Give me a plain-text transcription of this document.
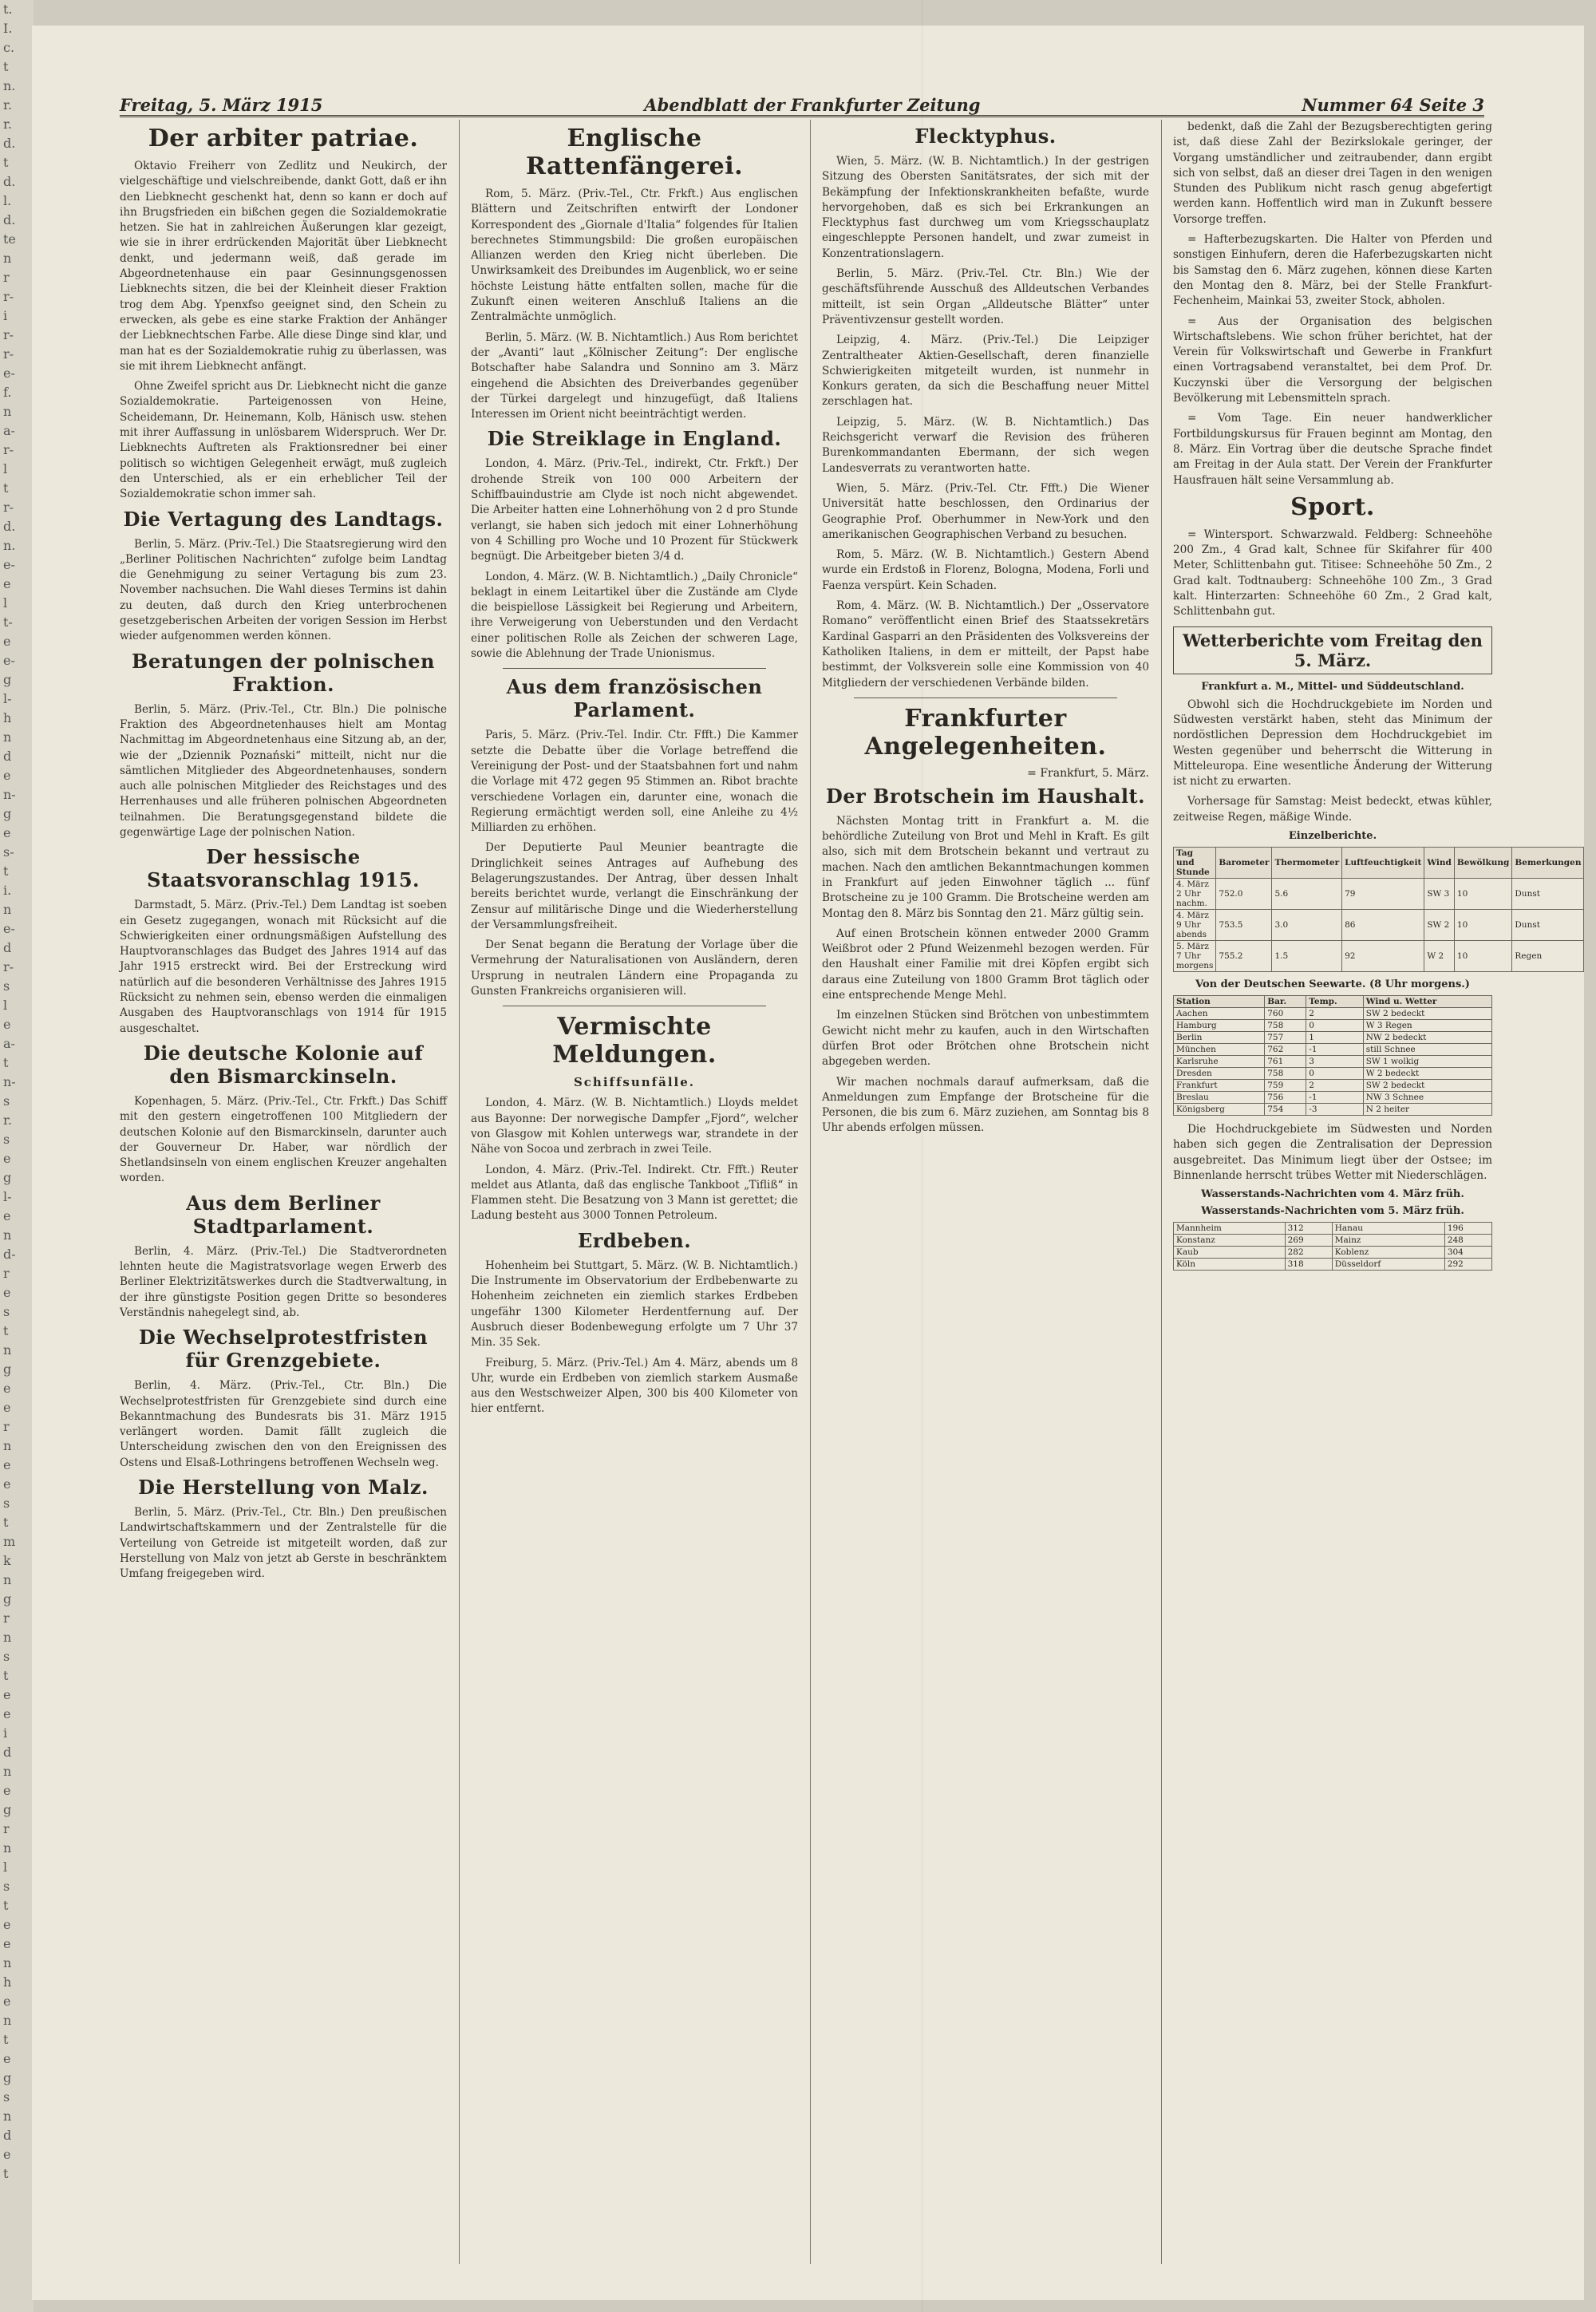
t.
I.
c.
t
n.
r.
r.
d.
t
d.
l.
d.
te
n
r
r-
i
r-
r-
e-
f.
n
a-
r-
l
t
r-
d.
n.
e-
e
l
t-
e
e-
g
l-
h
n
d
e
n-
g
e
s-
t
i.
n
e-
d
r-
s
l
e
a-
t
n-
s
r.
s
e
g
l-
e
n
d-
r
e
s
t
n
g
e
e
r
n
e
e
s
t
m
k
n
g
r
n
s
t
e
e
i
d
n
e
g
r
n
l
s
t
e
e
n
h
e
n
t
e
g
s
n
d
e
t
Freitag, 5. März 1915	Abendblatt der Frankfurter Zeitung	Nummer 64 Seite 3
Der arbiter patriae.

Oktavio Freiherr von Zedlitz und Neukirch, der vielgeschäftige und vielschreibende, dankt Gott, daß er ihn den Liebknecht geschenkt hat, denn so kann er doch auf ihn Brugsfrieden ein bißchen gegen die Sozialdemokratie hetzen. Sie hat in zahlreichen Äußerungen klar gezeigt, wie sie in ihrer erdrückenden Majorität über Liebknecht denkt, und jedermann weiß, daß gerade im Abgeordnetenhause ein paar Gesinnungsgenossen Liebknechts sitzen, die bei der Kleinheit dieser Fraktion trog dem Abg. Ypenxfso geeignet sind, den Schein zu erwecken, als gebe es eine starke Fraktion der Anhänger der Liebknechtschen Farbe. Alle diese Dinge sind klar, und man hat es der Sozialdemokratie ruhig zu überlassen, was sie mit ihrem Liebknecht anfängt.

Ohne Zweifel spricht aus Dr. Liebknecht nicht die ganze Sozialdemokratie. Parteigenossen von Heine, Scheidemann, Dr. Heinemann, Kolb, Hänisch usw. stehen mit ihrer Auffassung in unlösbarem Widerspruch. Wer Dr. Liebknechts Auftreten als Fraktionsredner bei einer politisch so wichtigen Gelegenheit erwägt, muß zugleich den Unterschied, als er ein erheblicher Teil der Sozialdemokratie schon immer sah.

Die Vertagung des Landtags.

Berlin, 5. März. (Priv.-Tel.) Die Staatsregierung wird den „Berliner Politischen Nachrichten“ zufolge beim Landtag die Genehmigung zu seiner Vertagung bis zum 23. November nachsuchen. Die Wahl dieses Termins ist dahin zu deuten, daß durch den Krieg unterbrochenen gesetzgeberischen Arbeiten der vorigen Session im Herbst wieder aufgenommen werden können.

Beratungen der polnischen Fraktion.

Berlin, 5. März. (Priv.-Tel., Ctr. Bln.) Die polnische Fraktion des Abgeordnetenhauses hielt am Montag Nachmittag im Abgeordnetenhaus eine Sitzung ab, an der, wie der „Dziennik Poznański“ mitteilt, nicht nur die sämtlichen Mitglieder des Abgeordnetenhauses, sondern auch alle polnischen Mitglieder des Reichstages und des Herrenhauses und alle früheren polnischen Abgeordneten teilnahmen. Die Beratungsgegenstand bildete die gegenwärtige Lage der polnischen Nation.

Der hessische Staatsvoranschlag 1915.

Darmstadt, 5. März. (Priv.-Tel.) Dem Landtag ist soeben ein Gesetz zugegangen, wonach mit Rücksicht auf die Schwierigkeiten einer ordnungsmäßigen Aufstellung des Hauptvoranschlages das Budget des Jahres 1914 auf das Jahr 1915 erstreckt wird. Bei der Erstreckung wird natürlich auf die besonderen Verhältnisse des Jahres 1915 Rücksicht zu nehmen sein, ebenso werden die einmaligen Ausgaben des Hauptvoranschlags von 1914 für 1915 ausgeschaltet.

Die deutsche Kolonie auf den Bismarckinseln.

Kopenhagen, 5. März. (Priv.-Tel., Ctr. Frkft.) Das Schiff mit den gestern eingetroffenen 100 Mitgliedern der deutschen Kolonie auf den Bismarckinseln, darunter auch der Gouverneur Dr. Haber, war nördlich der Shetlandsinseln von einem englischen Kreuzer angehalten worden.

Aus dem Berliner Stadtparlament.

Berlin, 4. März. (Priv.-Tel.) Die Stadtverordneten lehnten heute die Magistratsvorlage wegen Erwerb des Berliner Elektrizitätswerkes durch die Stadtverwaltung, in der ihre günstigste Position gegen Dritte so besonderes Verständnis nahegelegt sind, ab.

Die Wechselprotestfristen für Grenzgebiete.

Berlin, 4. März. (Priv.-Tel., Ctr. Bln.) Die Wechselprotestfristen für Grenzgebiete sind durch eine Bekanntmachung des Bundesrats bis 31. März 1915 verlängert worden. Damit fällt zugleich die Unterscheidung zwischen den von den Ereignissen des Ostens und Elsaß-Lothringens betroffenen Wechseln weg.

Die Herstellung von Malz.

Berlin, 5. März. (Priv.-Tel., Ctr. Bln.) Den preußischen Landwirtschaftskammern und der Zentralstelle für die Verteilung von Getreide ist mitgeteilt worden, daß zur Herstellung von Malz von jetzt ab Gerste in beschränktem Umfang freigegeben wird.

Englische Rattenfängerei.

Rom, 5. März. (Priv.-Tel., Ctr. Frkft.) Aus englischen Blättern und Zeitschriften entwirft der Londoner Korrespondent des „Giornale d'Italia“ folgendes für Italien berechnetes Stimmungsbild: Die großen europäischen Allianzen werden den Krieg nicht überleben. Die Unwirksamkeit des Dreibundes im Augenblick, wo er seine höchste Leistung hätte entfalten sollen, mache für die Zukunft einen weiteren Anschluß Italiens an die Zentralmächte unmöglich.

Berlin, 5. März. (W. B. Nichtamtlich.) Aus Rom berichtet der „Avanti“ laut „Kölnischer Zeitung“: Der englische Botschafter habe Salandra und Sonnino am 3. März eingehend die Absichten des Dreiverbandes gegenüber der Türkei dargelegt und hinzugefügt, daß Italiens Interessen im Orient nicht beeinträchtigt werden.

Die Streiklage in England.

London, 4. März. (Priv.-Tel., indirekt, Ctr. Frkft.) Der drohende Streik von 100 000 Arbeitern der Schiffbauindustrie am Clyde ist noch nicht abgewendet. Die Arbeiter hatten eine Lohnerhöhung von 2 d pro Stunde verlangt, sie haben sich jedoch mit einer Lohnerhöhung von 4 Schilling pro Woche und 10 Prozent für Stückwerk begnügt. Die Arbeitgeber bieten 3/4 d.

London, 4. März. (W. B. Nichtamtlich.) „Daily Chronicle“ beklagt in einem Leitartikel über die Zustände am Clyde die beispiellose Lässigkeit bei Regierung und Arbeitern, ihre Verweigerung von Ueberstunden und den Verdacht einer politischen Rolle als Zeichen der schweren Lage, sowie die Ablehnung der Trade Unionismus.

Aus dem französischen Parlament.

Paris, 5. März. (Priv.-Tel. Indir. Ctr. Ffft.) Die Kammer setzte die Debatte über die Vorlage betreffend die Vereinigung der Post- und der Staatsbahnen fort und nahm die Vorlage mit 472 gegen 95 Stimmen an. Ribot brachte verschiedene Vorlagen ein, darunter eine, wonach die Regierung ermächtigt werden soll, eine Anleihe zu 4½ Milliarden zu erhöhen.

Der Deputierte Paul Meunier beantragte die Dringlichkeit seines Antrages auf Aufhebung des Belagerungszustandes. Der Antrag, über dessen Inhalt bereits berichtet wurde, verlangt die Einschränkung der Zensur auf militärische Dinge und die Wiederherstellung der Versammlungsfreiheit.

Der Senat begann die Beratung der Vorlage über die Vermehrung der Naturalisationen von Ausländern, deren Ursprung in neutralen Ländern eine Propaganda zu Gunsten Frankreichs organisieren will.

Vermischte Meldungen.
Schiffsunfälle.

London, 4. März. (W. B. Nichtamtlich.) Lloyds meldet aus Bayonne: Der norwegische Dampfer „Fjord“, welcher von Glasgow mit Kohlen unterwegs war, strandete in der Nähe von Socoa und zerbrach in zwei Teile.

London, 4. März. (Priv.-Tel. Indirekt. Ctr. Ffft.) Reuter meldet aus Atlanta, daß das englische Tankboot „Tifliß“ in Flammen steht. Die Besatzung von 3 Mann ist gerettet; die Ladung besteht aus 3000 Tonnen Petroleum.

Erdbeben.

Hohenheim bei Stuttgart, 5. März. (W. B. Nichtamtlich.) Die Instrumente im Observatorium der Erdbebenwarte zu Hohenheim zeichneten ein ziemlich starkes Erdbeben ungefähr 1300 Kilometer Herdentfernung auf. Der Ausbruch dieser Bodenbewegung erfolgte um 7 Uhr 37 Min. 35 Sek.

Freiburg, 5. März. (Priv.-Tel.) Am 4. März, abends um 8 Uhr, wurde ein Erdbeben von ziemlich starkem Ausmaße aus den Westschweizer Alpen, 300 bis 400 Kilometer von hier entfernt.

Flecktyphus.

Wien, 5. März. (W. B. Nichtamtlich.) In der gestrigen Sitzung des Obersten Sanitätsrates, der sich mit der Bekämpfung der Infektionskrankheiten befaßte, wurde hervorgehoben, daß es sich bei Erkrankungen an Flecktyphus fast durchweg um vom Kriegsschauplatz eingeschleppte Personen handelt, und zwar zumeist in Konzentrationslagern.

Berlin, 5. März. (Priv.-Tel. Ctr. Bln.) Wie der geschäftsführende Ausschuß des Alldeutschen Verbandes mitteilt, ist sein Organ „Alldeutsche Blätter“ unter Präventivzensur gestellt worden.

Leipzig, 4. März. (Priv.-Tel.) Die Leipziger Zentraltheater Aktien-Gesellschaft, deren finanzielle Schwierigkeiten mitgeteilt wurden, ist nunmehr in Konkurs geraten, da sich die Beschaffung neuer Mittel zerschlagen hat.

Leipzig, 5. März. (W. B. Nichtamtlich.) Das Reichsgericht verwarf die Revision des früheren Burenkommandanten Ebermann, der sich wegen Landesverrats zu verantworten hatte.

Wien, 5. März. (Priv.-Tel. Ctr. Ffft.) Die Wiener Universität hatte beschlossen, den Ordinarius der Geographie Prof. Oberhummer in New-York und den amerikanischen Geographischen Verband zu besuchen.

Rom, 5. März. (W. B. Nichtamtlich.) Gestern Abend wurde ein Erdstoß in Florenz, Bologna, Modena, Forli und Faenza verspürt. Kein Schaden.

Rom, 4. März. (W. B. Nichtamtlich.) Der „Osservatore Romano“ veröffentlicht einen Brief des Staatssekretärs Kardinal Gasparri an den Präsidenten des Volksvereins der Katholiken Italiens, in dem er mitteilt, der Papst habe bestimmt, der Volksverein solle eine Kommission von 40 Mitgliedern der verschiedenen Verbände bilden.

Frankfurter Angelegenheiten.
= Frankfurt, 5. März.
Der Brotschein im Haushalt.

Nächsten Montag tritt in Frankfurt a. M. die behördliche Zuteilung von Brot und Mehl in Kraft. Es gilt also, sich mit dem Brotschein bekannt und vertraut zu machen. Nach den amtlichen Bekanntmachungen kommen in Frankfurt auf jeden Einwohner täglich ... fünf Brotscheine zu je 100 Gramm. Die Brotscheine werden am Montag den 8. März bis Sonntag den 21. März gültig sein.

Auf einen Brotschein können entweder 2000 Gramm Weißbrot oder 2 Pfund Weizenmehl bezogen werden. Für den Haushalt einer Familie mit drei Köpfen ergibt sich daraus eine Zuteilung von 1800 Gramm Brot täglich oder eine entsprechende Menge Mehl.

Im einzelnen Stücken sind Brötchen von unbestimmtem Gewicht nicht mehr zu kaufen, auch in den Wirtschaften dürfen Brot oder Brötchen ohne Brotschein nicht abgegeben werden.

Wir machen nochmals darauf aufmerksam, daß die Anmeldungen zum Empfange der Brotscheine für die Personen, die bis zum 6. März zuziehen, am Sonntag bis 8 Uhr abends erfolgen müssen.

bedenkt, daß die Zahl der Bezugsberechtigten gering ist, daß diese Zahl der Bezirkslokale geringer, der Vorgang umständlicher und zeitraubender, dann ergibt sich von selbst, daß an dieser drei Tagen in den wenigen Stunden des Publikum nicht rasch genug abgefertigt werden kann. Hoffentlich wird man in Zukunft bessere Vorsorge treffen.

= Hafterbezugskarten. Die Halter von Pferden und sonstigen Einhufern, deren die Haferbezugskarten nicht bis Samstag den 6. März zugehen, können diese Karten den Montag den 8. März, bei der Stelle Frankfurt-Fechenheim, Mainkai 53, zweiter Stock, abholen.

= Aus der Organisation des belgischen Wirtschaftslebens. Wie schon früher berichtet, hat der Verein für Volkswirtschaft und Gewerbe in Frankfurt einen Vortragsabend veranstaltet, bei dem Prof. Dr. Kuczynski über die Versorgung der belgischen Bevölkerung mit Lebensmitteln sprach.

= Vom Tage. Ein neuer handwerklicher Fortbildungskursus für Frauen beginnt am Montag, den 8. März. Ein Vortrag über die deutsche Sprache findet am Freitag in der Aula statt. Der Verein der Frankfurter Hausfrauen hält seine Versammlung ab.

Sport.

= Wintersport. Schwarzwald. Feldberg: Schneehöhe 200 Zm., 4 Grad kalt, Schnee für Skifahrer für 400 Meter, Schlittenbahn gut. Titisee: Schneehöhe 50 Zm., 2 Grad kalt. Todtnauberg: Schneehöhe 100 Zm., 3 Grad kalt. Hinterzarten: Schneehöhe 60 Zm., 2 Grad kalt, Schlittenbahn gut.

Wetterberichte vom Freitag den 5. März.
Frankfurt a. M., Mittel- und Süddeutschland.

Obwohl sich die Hochdruckgebiete im Norden und Südwesten verstärkt haben, steht das Minimum der nordöstlichen Depression dem Hochdruckgebiet im Westen gegenüber und beherrscht die Witterung in Mitteleuropa. Eine wesentliche Änderung der Witterung ist nicht zu erwarten.

Vorhersage für Samstag: Meist bedeckt, etwas kühler, zeitweise Regen, mäßige Winde.

Einzelberichte.
Tag und Stunde	Barometer	Thermometer	Luftfeuchtigkeit	Wind	Bewölkung	Bemerkungen
4. März 2 Uhr nachm.	752.0	5.6	79	SW 3	10	Dunst
4. März 9 Uhr abends	753.5	3.0	86	SW 2	10	Dunst
5. März 7 Uhr morgens	755.2	1.5	92	W 2	10	Regen
Von der Deutschen Seewarte. (8 Uhr morgens.)
Station	Bar.	Temp.	Wind u. Wetter
Aachen	760	2	SW 2 bedeckt
Hamburg	758	0	W 3 Regen
Berlin	757	1	NW 2 bedeckt
München	762	-1	still Schnee
Karlsruhe	761	3	SW 1 wolkig
Dresden	758	0	W 2 bedeckt
Frankfurt	759	2	SW 2 bedeckt
Breslau	756	-1	NW 3 Schnee
Königsberg	754	-3	N 2 heiter

Die Hochdruckgebiete im Südwesten und Norden haben sich gegen die Zentralisation der Depression ausgebreitet. Das Minimum liegt über der Ostsee; im Binnenlande herrscht trübes Wetter mit Niederschlägen.

Wasserstands-Nachrichten vom 4. März früh.
Wasserstands-Nachrichten vom 5. März früh.
Mannheim	312	Hanau	196
Konstanz	269	Mainz	248
Kaub	282	Koblenz	304
Köln	318	Düsseldorf	292
